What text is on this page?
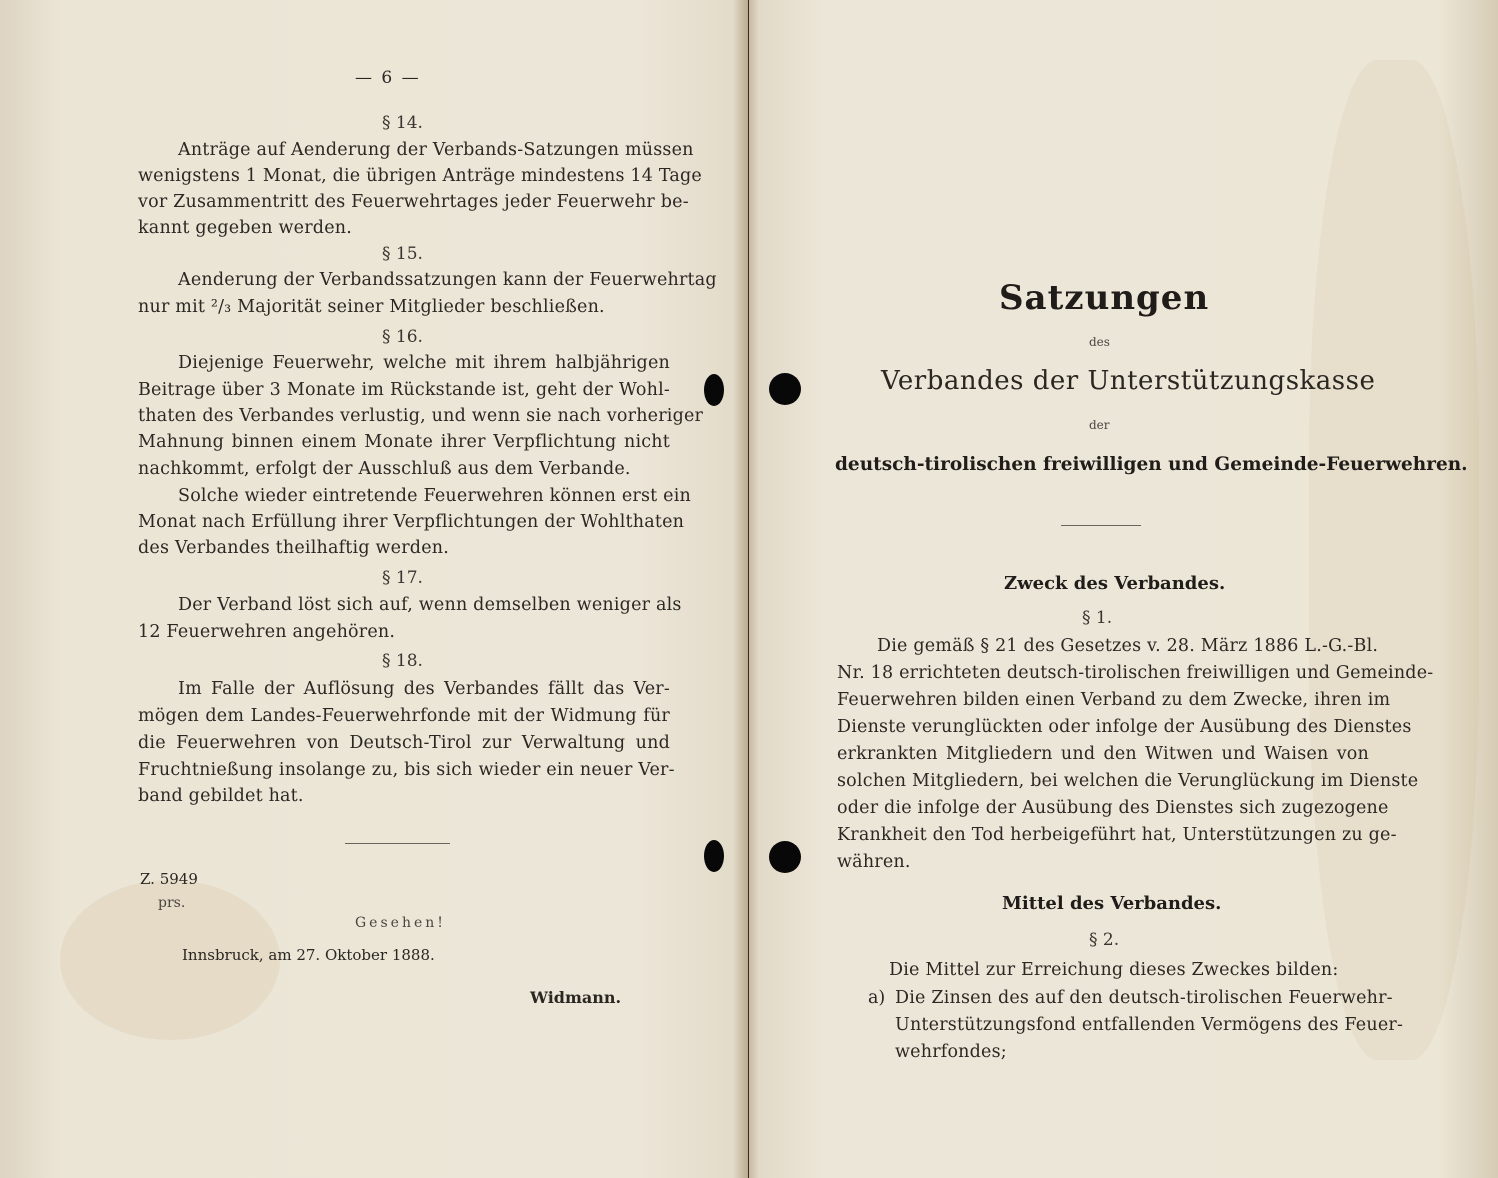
— 6 —
§ 14.
Anträge auf Aenderung der Verbands-Satzungen müssen
wenigstens 1 Monat, die übrigen Anträge mindestens 14 Tage
vor Zusammentritt des Feuerwehrtages jeder Feuerwehr be-
kannt gegeben werden.
§ 15.
Aenderung der Verbandssatzungen kann der Feuerwehrtag
nur mit ²/₃ Majorität seiner Mitglieder beschließen.
§ 16.
Diejenige Feuerwehr, welche mit ihrem halbjährigen
Beitrage über 3 Monate im Rückstande ist, geht der Wohl-
thaten des Verbandes verlustig, und wenn sie nach vorheriger
Mahnung binnen einem Monate ihrer Verpflichtung nicht
nachkommt, erfolgt der Ausschluß aus dem Verbande.
Solche wieder eintretende Feuerwehren können erst ein
Monat nach Erfüllung ihrer Verpflichtungen der Wohlthaten
des Verbandes theilhaftig werden.
§ 17.
Der Verband löst sich auf, wenn demselben weniger als
12 Feuerwehren angehören.
§ 18.
Im Falle der Auflösung des Verbandes fällt das Ver-
mögen dem Landes-Feuerwehrfonde mit der Widmung für
die Feuerwehren von Deutsch-Tirol zur Verwaltung und
Fruchtnießung insolange zu, bis sich wieder ein neuer Ver-
band gebildet hat.
Z. 5949
prs.
Gesehen!
Innsbruck, am 27. Oktober 1888.
Widmann.
Satzungen
des
Verbandes der Unterstützungskasse
der
deutsch-tirolischen freiwilligen und Gemeinde-Feuerwehren.
Zweck des Verbandes.
§ 1.
Die gemäß § 21 des Gesetzes v. 28. März 1886 L.-G.-Bl.
Nr. 18 errichteten deutsch-tirolischen freiwilligen und Gemeinde-
Feuerwehren bilden einen Verband zu dem Zwecke, ihren im
Dienste verunglückten oder infolge der Ausübung des Dienstes
erkrankten Mitgliedern und den Witwen und Waisen von
solchen Mitgliedern, bei welchen die Verunglückung im Dienste
oder die infolge der Ausübung des Dienstes sich zugezogene
Krankheit den Tod herbeigeführt hat, Unterstützungen zu ge-
währen.
Mittel des Verbandes.
§ 2.
Die Mittel zur Erreichung dieses Zweckes bilden:
a) Die Zinsen des auf den deutsch-tirolischen Feuerwehr-
Unterstützungsfond entfallenden Vermögens des Feuer-
wehrfondes;
